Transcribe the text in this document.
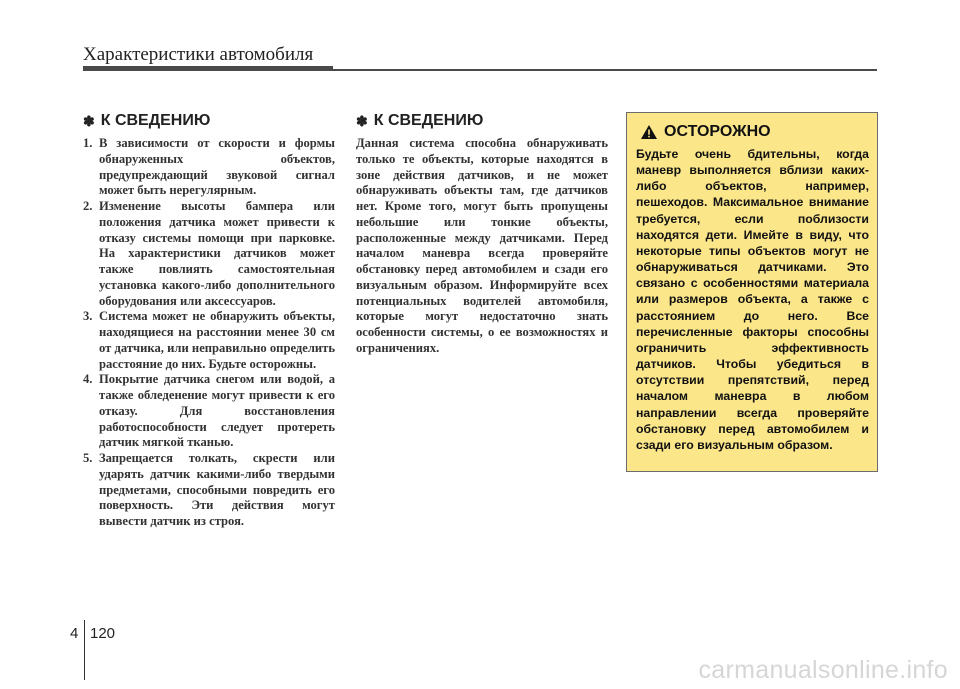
Характеристики автомобиля
✽ К СВЕДЕНИЮ
1. В зависимости от скорости и формы обнаруженных объектов, предупреждающий звуковой сигнал может быть нерегулярным.
2. Изменение высоты бампера или положения датчика может привести к отказу системы помощи при парковке. На характеристики датчиков может также повлиять самостоятельная установка какого-либо дополнительного оборудования или аксессуаров.
3. Система может не обнаружить объекты, находящиеся на расстоянии менее 30 см от датчика, или неправильно определить расстояние до них. Будьте осторожны.
4. Покрытие датчика снегом или водой, а также обледенение могут привести к его отказу. Для восстановления работоспособности следует протереть датчик мягкой тканью.
5. Запрещается толкать, скрести или ударять датчик какими-либо твердыми предметами, способными повредить его поверхность. Эти действия могут вывести датчик из строя.
✽ К СВЕДЕНИЮ

Данная система способна обнаруживать только те объекты, которые находятся в зоне действия датчиков, и не может обнаруживать объекты там, где датчиков нет. Кроме того, могут быть пропущены небольшие или тонкие объекты, расположенные между датчиками. Перед началом маневра всегда проверяйте обстановку перед автомобилем и сзади его визуальным образом. Информируйте всех потенциальных водителей автомобиля, которые могут недостаточно знать особенности системы, о ее возможностях и ограничениях.

ОСТОРОЖНО

Будьте очень бдительны, когда маневр выполняется вблизи каких-либо объектов, например, пешеходов. Максимальное внимание требуется, если поблизости находятся дети. Имейте в виду, что некоторые типы объектов могут не обнаруживаться датчиками. Это связано с особенностями материала или размеров объекта, а также с расстоянием до него. Все перечисленные факторы способны ограничить эффективность датчиков. Чтобы убедиться в отсутствии препятствий, перед началом маневра в любом направлении всегда проверяйте обстановку перед автомобилем и сзади его визуальным образом.

4 120
carmanualsonline.info
